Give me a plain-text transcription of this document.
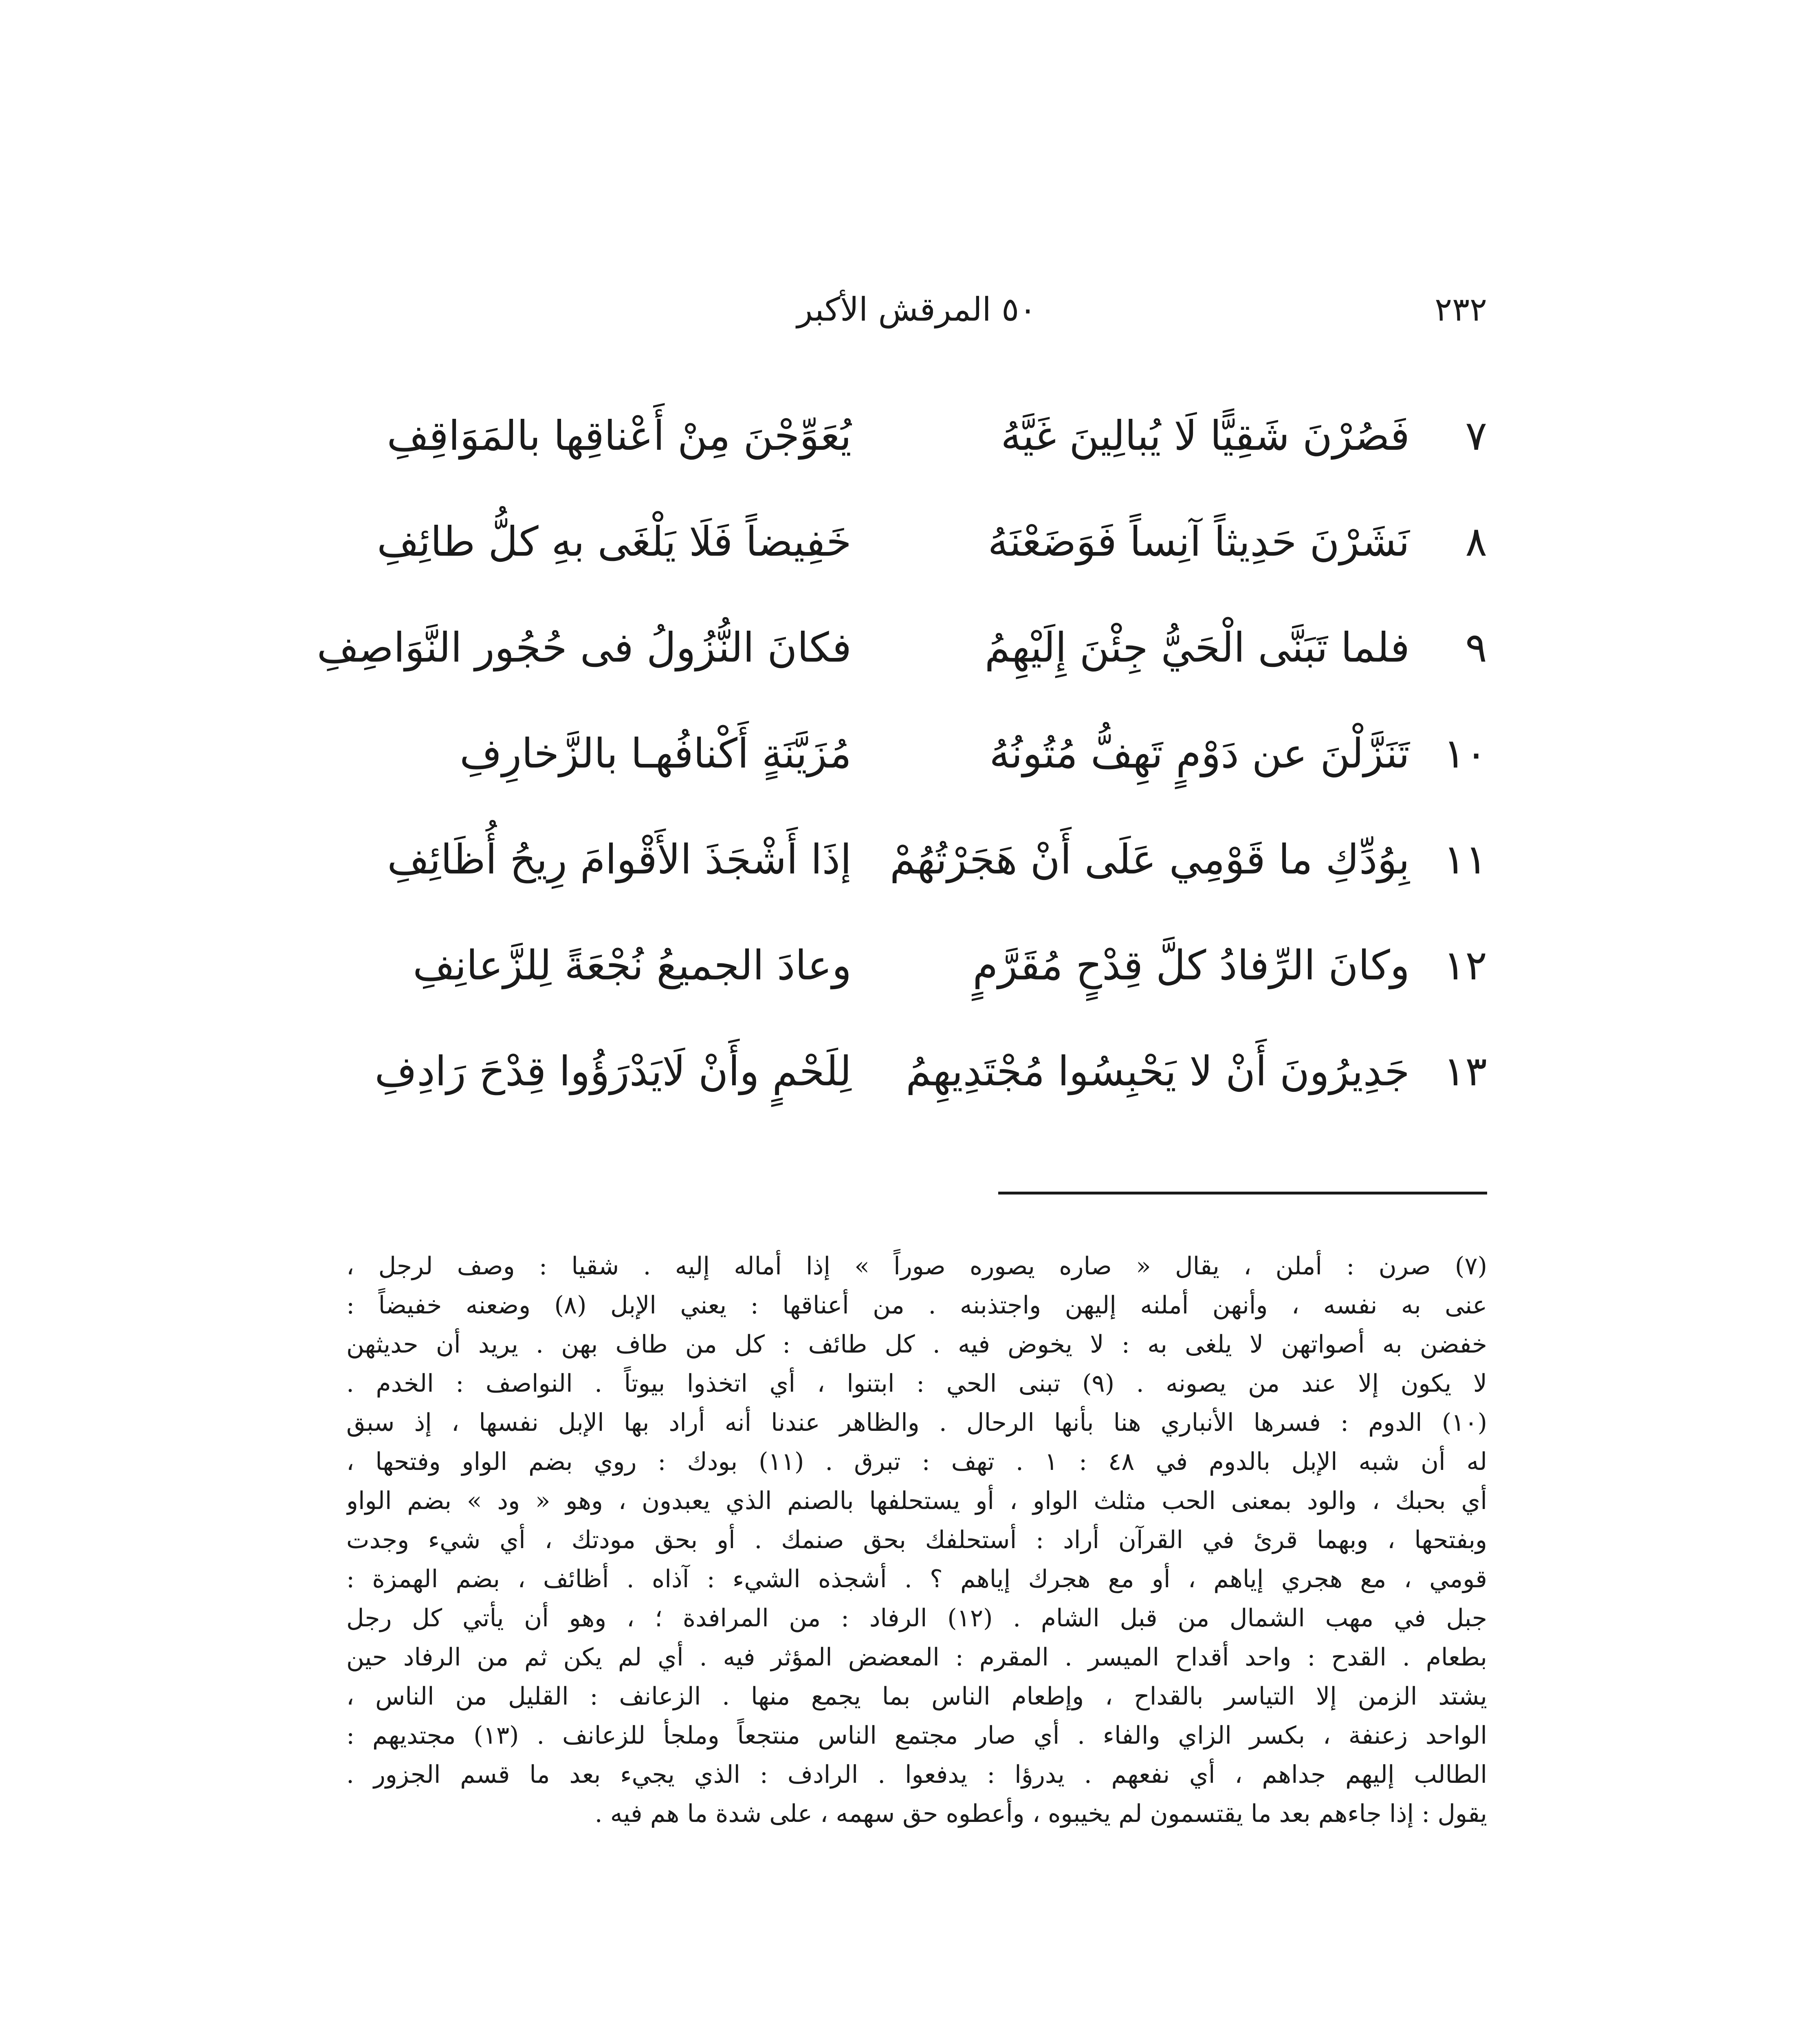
٢٣٢
٥٠ المرقش الأكبر
٧
فَصُرْنَ شَقِيًّا لَا يُبالِينَ غَيَّهُ
يُعَوِّجْنَ مِنْ أَعْناقِها بالمَوَاقِفِ
٨
نَشَرْنَ حَدِيثاً آنِساً فَوَضَعْنَهُ
خَفِيضاً فَلَا يَلْغَى بهِ كلُّ طائِفِ
٩
فلما تَبَنَّى الْحَيُّ جِئْنَ إِلَيْهِمُ
فكانَ النُّزُولُ فى حُجُور النَّوَاصِفِ
١٠
تَنَزَّلْنَ عن دَوْمٍ تَهِفُّ مُتُونُهُ
مُزَيَّنَةٍ أَكْنافُهـا بالزَّخارِفِ
١١
بِوُدِّكِ ما قَوْمِي عَلَى أَنْ هَجَرْتُهُمْ
إذَا أَشْجَذَ الأَقْوامَ رِيحُ أُظَائِفِ
١٢
وكانَ الرِّفادُ كلَّ قِدْحٍ مُقَرَّمٍ
وعادَ الجميعُ نُجْعَةً لِلزَّعانِفِ
١٣
جَدِيرُونَ أَنْ لا يَحْبِسُوا مُجْتَدِيهِمُ
لِلَحْمٍ وأَنْ لَايَدْرَؤُوا قِدْحَ رَادِفِ
(٧) صرن : أملن ، يقال « صاره يصوره صوراً » إذا أماله إليه . شقيا : وصف لرجل ،
عنى به نفسه ، وأنهن أملنه إليهن واجتذبنه . من أعناقها : يعني الإبل (٨) وضعنه خفيضاً :
خفضن به أصواتهن لا يلغى به : لا يخوض فيه . كل طائف : كل من طاف بهن . يريد أن حديثهن
لا يكون إلا عند من يصونه . (٩) تبنى الحي : ابتنوا ، أي اتخذوا بيوتاً . النواصف : الخدم .
(١٠) الدوم : فسرها الأنباري هنا بأنها الرحال . والظاهر عندنا أنه أراد بها الإبل نفسها ، إذ سبق
له أن شبه الإبل بالدوم في ٤٨ : ١ . تهف : تبرق . (١١) بودك : روي بضم الواو وفتحها ،
أي بحبك ، والود بمعنى الحب مثلث الواو ، أو يستحلفها بالصنم الذي يعبدون ، وهو « ود » بضم الواو
وبفتحها ، وبهما قرئ في القرآن أراد : أستحلفك بحق صنمك . أو بحق مودتك ، أي شيء وجدت
قومي ، مع هجري إياهم ، أو مع هجرك إياهم ؟ . أشجذه الشيء : آذاه . أظائف ، بضم الهمزة :
جبل في مهب الشمال من قبل الشام . (١٢) الرفاد : من المرافدة ؛ ، وهو أن يأتي كل رجل
بطعام . القدح : واحد أقداح الميسر . المقرم : المعضض المؤثر فيه . أي لم يكن ثم من الرفاد حين
يشتد الزمن إلا التياسر بالقداح ، وإطعام الناس بما يجمع منها . الزعانف : القليل من الناس ،
الواحد زعنفة ، بكسر الزاي والفاء . أي صار مجتمع الناس منتجعاً وملجأ للزعانف . (١٣) مجتديهم :
الطالب إليهم جداهم ، أي نفعهم . يدرؤا : يدفعوا . الرادف : الذي يجيء بعد ما قسم الجزور .
يقول : إذا جاءهم بعد ما يقتسمون لم يخيبوه ، وأعطوه حق سهمه ، على شدة ما هم فيه .
